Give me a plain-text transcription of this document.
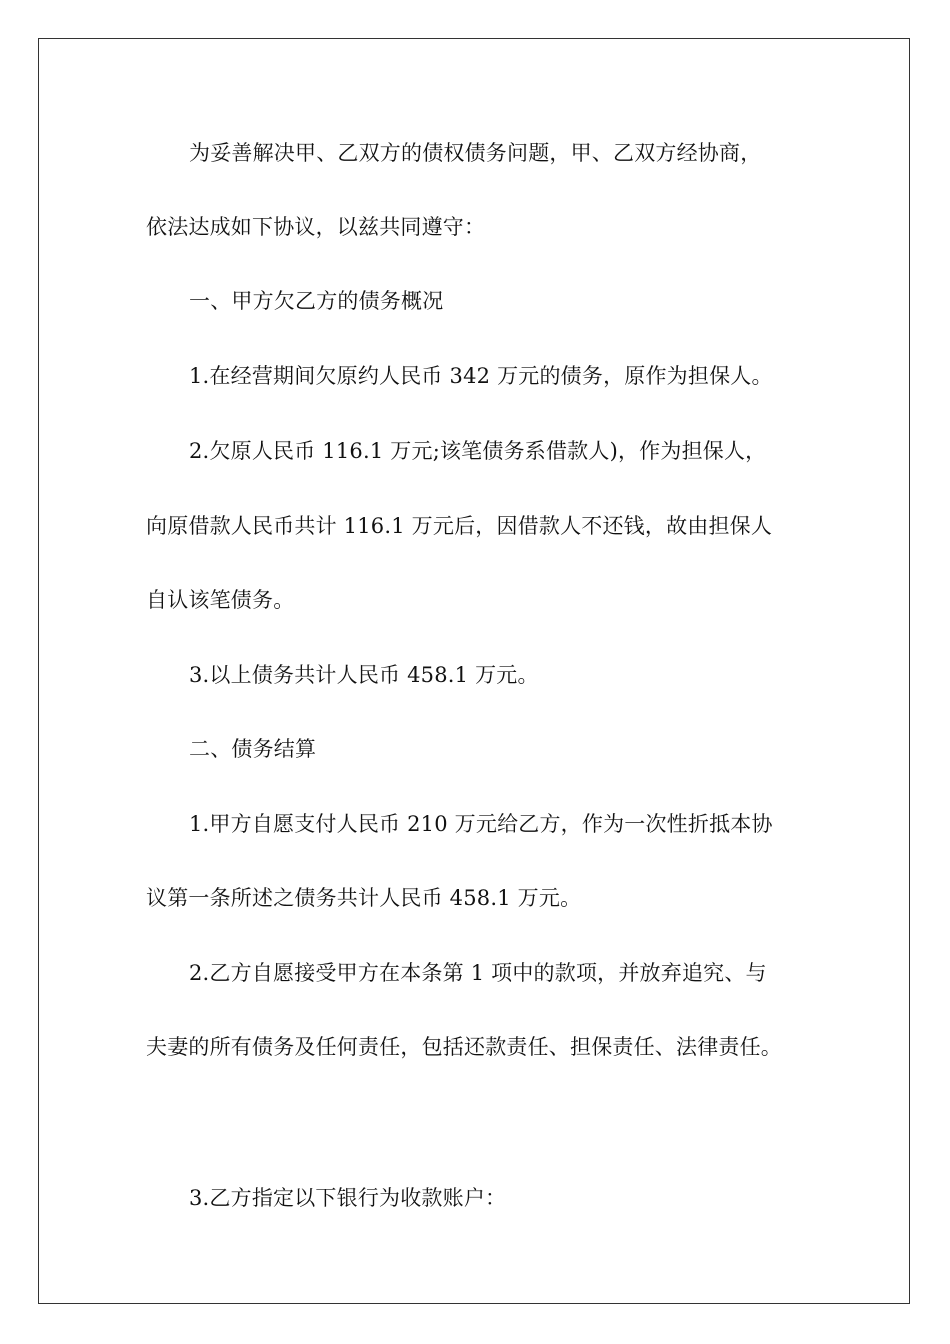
为妥善解决甲、乙双方的债权债务问题，甲、乙双方经协商，
依法达成如下协议，以兹共同遵守：
一、甲方欠乙方的债务概况
1.在经营期间欠原约人民币 342 万元的债务，原作为担保人。
2.欠原人民币 116.1 万元;该笔债务系借款人)，作为担保人，
向原借款人民币共计 116.1 万元后，因借款人不还钱，故由担保人
自认该笔债务。
3.以上债务共计人民币 458.1 万元。
二、债务结算
1.甲方自愿支付人民币 210 万元给乙方，作为一次性折抵本协
议第一条所述之债务共计人民币 458.1 万元。
2.乙方自愿接受甲方在本条第 1 项中的款项，并放弃追究、与
夫妻的所有债务及任何责任，包括还款责任、担保责任、法律责任。
3.乙方指定以下银行为收款账户：
